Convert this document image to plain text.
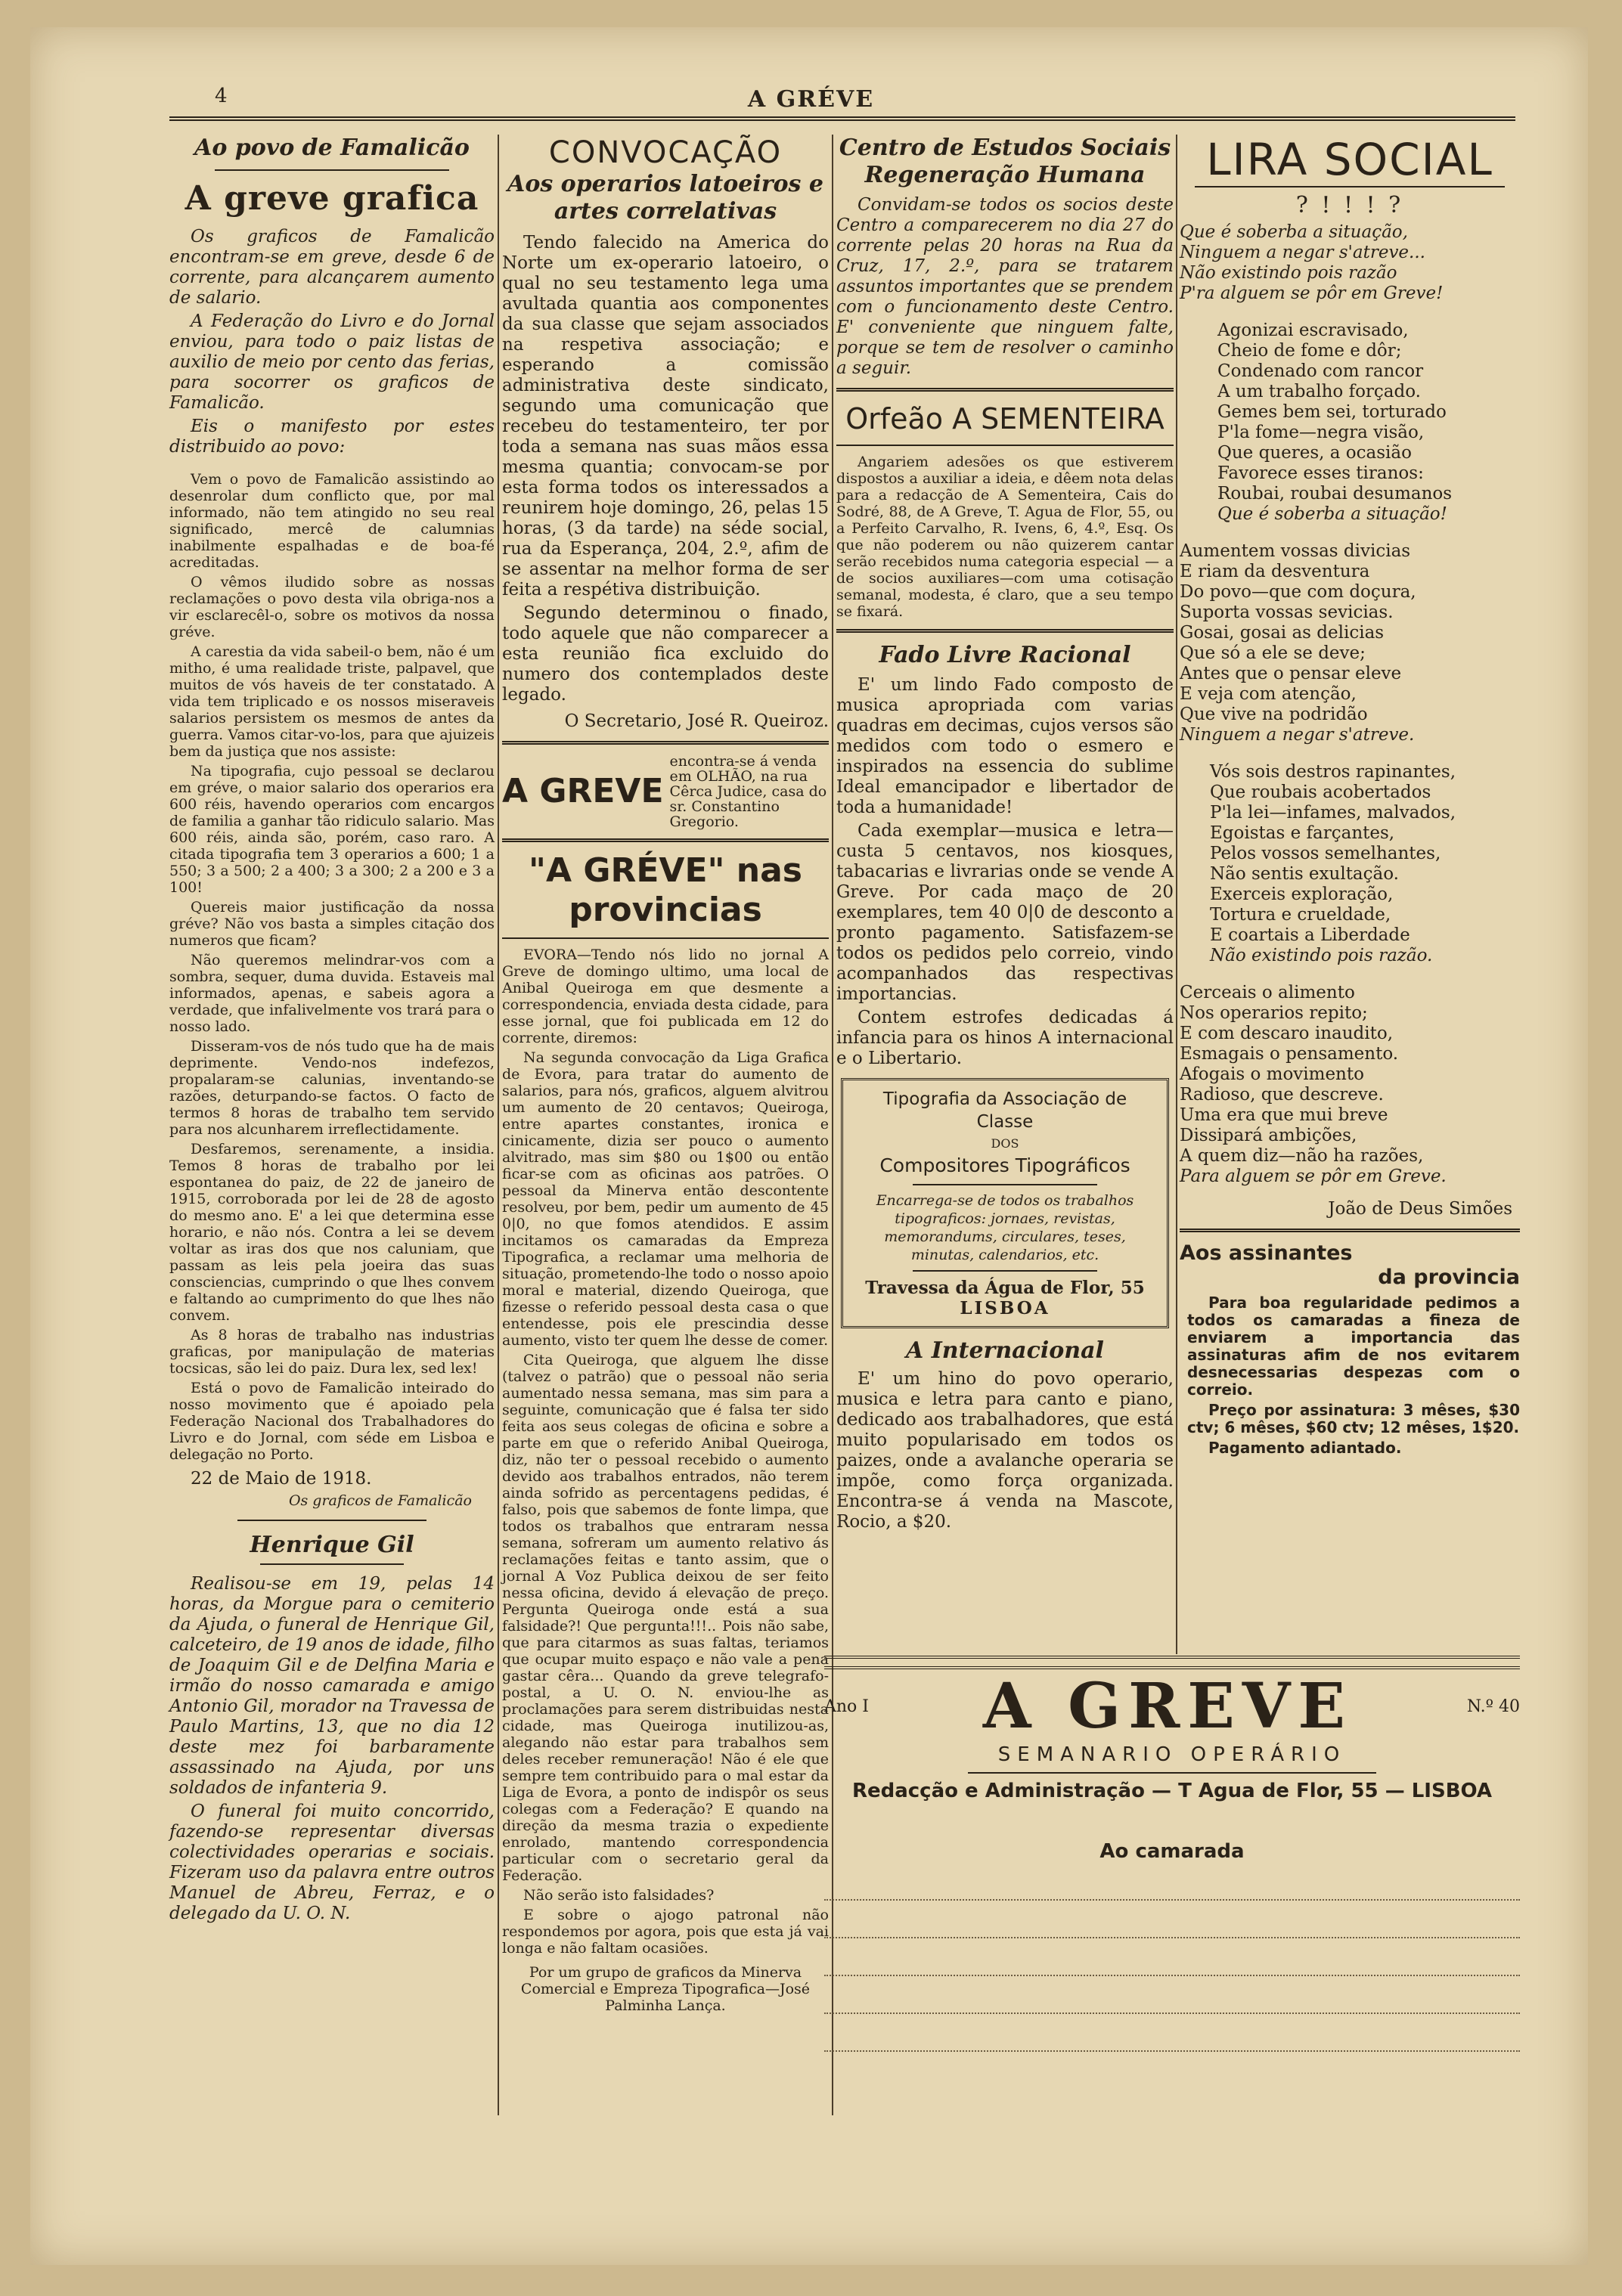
4	A GRÉVE
Ao povo de Famalicão
A greve grafica

Os graficos de Famalicão encontram-se em greve, desde 6 de corrente, para alcançarem aumento de salario.

A Federação do Livro e do Jornal enviou, para todo o paiz listas de auxilio de meio por cento das ferias, para socorrer os graficos de Famalicão.

Eis o manifesto por estes distribuido ao povo:

Vem o povo de Famalicão assistindo ao desenrolar dum conflicto que, por mal informado, não tem atingido no seu real significado, mercê de calumnias inabilmente espalhadas e de boa-fé acreditadas.

O vêmos iludido sobre as nossas reclamações o povo desta vila obriga-nos a vir esclarecêl-o, sobre os motivos da nossa gréve.

A carestia da vida sabeil-o bem, não é um mitho, é uma realidade triste, palpavel, que muitos de vós haveis de ter constatado. A vida tem triplicado e os nossos miseraveis salarios persistem os mesmos de antes da guerra. Vamos citar-vo-los, para que ajuizeis bem da justiça que nos assiste:

Na tipografia, cujo pessoal se declarou em gréve, o maior salario dos operarios era 600 réis, havendo operarios com encargos de familia a ganhar tão ridiculo salario. Mas 600 réis, ainda são, porém, caso raro. A citada tipografia tem 3 operarios a 600; 1 a 550; 3 a 500; 2 a 400; 3 a 300; 2 a 200 e 3 a 100!

Quereis maior justificação da nossa gréve? Não vos basta a simples citação dos numeros que ficam?

Não queremos melindrar-vos com a sombra, sequer, duma duvida. Estaveis mal informados, apenas, e sabeis agora a verdade, que infalivelmente vos trará para o nosso lado.

Disseram-vos de nós tudo que ha de mais deprimente. Vendo-nos indefezos, propalaram-se calunias, inventando-se razões, deturpando-se factos. O facto de termos 8 horas de trabalho tem servido para nos alcunharem irreflectidamente.

Desfaremos, serenamente, a insidia. Temos 8 horas de trabalho por lei espontanea do paiz, de 22 de janeiro de 1915, corroborada por lei de 28 de agosto do mesmo ano. E' a lei que determina esse horario, e não nós. Contra a lei se devem voltar as iras dos que nos caluniam, que passam as leis pela joeira das suas consciencias, cumprindo o que lhes convem e faltando ao cumprimento do que lhes não convem.

As 8 horas de trabalho nas industrias graficas, por manipulação de materias tocsicas, são lei do paiz. Dura lex, sed lex!

Está o povo de Famalicão inteirado do nosso movimento que é apoiado pela Federação Nacional dos Trabalhadores do Livro e do Jornal, com séde em Lisboa e delegação no Porto.

22 de Maio de 1918.

Os graficos de Famalicão
Henrique Gil

Realisou-se em 19, pelas 14 horas, da Morgue para o cemiterio da Ajuda, o funeral de Henrique Gil, calceteiro, de 19 anos de idade, filho de Joaquim Gil e de Delfina Maria e irmão do nosso camarada e amigo Antonio Gil, morador na Travessa de Paulo Martins, 13, que no dia 12 deste mez foi barbaramente assassinado na Ajuda, por uns soldados de infanteria 9.

O funeral foi muito concorrido, fazendo-se representar diversas colectividades operarias e sociais. Fizeram uso da palavra entre outros Manuel de Abreu, Ferraz, e o delegado da U. O. N.

CONVOCAÇÃO
Aos operarios latoeiros e artes correlativas

Tendo falecido na America do Norte um ex-operario latoeiro, o qual no seu testamento lega uma avultada quantia aos componentes da sua classe que sejam associados na respetiva associação; e esperando a comissão administrativa deste sindicato, segundo uma comunicação que recebeu do testamenteiro, ter por toda a semana nas suas mãos essa mesma quantia; convocam-se por esta forma todos os interessados a reunirem hoje domingo, 26, pelas 15 horas, (3 da tarde) na séde social, rua da Esperança, 204, 2.º, afim de se assentar na melhor forma de ser feita a respétiva distribuição.

Segundo determinou o finado, todo aquele que não comparecer a esta reunião fica excluido do numero dos contemplados deste legado.

O Secretario, José R. Queiroz.
A GREVE
encontra-se á venda em OLHÃO, na rua Cêrca Judice, casa do sr. Constantino Gregorio.
"A GRÉVE" nas provincias

EVORA—Tendo nós lido no jornal A Greve de domingo ultimo, uma local de Anibal Queiroga em que desmente a correspondencia, enviada desta cidade, para esse jornal, que foi publicada em 12 do corrente, diremos:

Na segunda convocação da Liga Grafica de Evora, para tratar do aumento de salarios, para nós, graficos, alguem alvitrou um aumento de 20 centavos; Queiroga, entre apartes constantes, ironica e cinicamente, dizia ser pouco o aumento alvitrado, mas sim $80 ou 1$00 ou então ficar-se com as oficinas aos patrões. O pessoal da Minerva então descontente resolveu, por bem, pedir um aumento de 45 0|0, no que fomos atendidos. E assim incitamos os camaradas da Empreza Tipografica, a reclamar uma melhoria de situação, prometendo-lhe todo o nosso apoio moral e material, dizendo Queiroga, que fizesse o referido pessoal desta casa o que entendesse, pois ele prescindia desse aumento, visto ter quem lhe desse de comer.

Cita Queiroga, que alguem lhe disse (talvez o patrão) que o pessoal não seria aumentado nessa semana, mas sim para a seguinte, comunicação que é falsa ter sido feita aos seus colegas de oficina e sobre a parte em que o referido Anibal Queiroga, diz, não ter o pessoal recebido o aumento devido aos trabalhos entrados, não terem ainda sofrido as percentagens pedidas, é falso, pois que sabemos de fonte limpa, que todos os trabalhos que entraram nessa semana, sofreram um aumento relativo ás reclamações feitas e tanto assim, que o jornal A Voz Publica deixou de ser feito nessa oficina, devido á elevação de preço. Pergunta Queiroga onde está a sua falsidade?! Que pergunta!!!.. Pois não sabe, que para citarmos as suas faltas, teriamos que ocupar muito espaço e não vale a pena gastar cêra... Quando da greve telegrafo-postal, a U. O. N. enviou-lhe as proclamações para serem distribuidas nesta cidade, mas Queiroga inutilizou-as, alegando não estar para trabalhos sem deles receber remuneração! Não é ele que sempre tem contribuido para o mal estar da Liga de Evora, a ponto de indispôr os seus colegas com a Federação? E quando na direção da mesma trazia o expediente enrolado, mantendo correspondencia particular com o secretario geral da Federação.

Não serão isto falsidades?

E sobre o ajogo patronal não respondemos por agora, pois que esta já vai longa e não faltam ocasiões.

Por um grupo de graficos da Minerva Comercial e Empreza Tipografica—José Palminha Lança.

Centro de Estudos Sociais
Regeneração Humana

Convidam-se todos os socios deste Centro a comparecerem no dia 27 do corrente pelas 20 horas na Rua da Cruz, 17, 2.º, para se tratarem assuntos importantes que se prendem com o funcionamento deste Centro. E' conveniente que ninguem falte, porque se tem de resolver o caminho a seguir.

Orfeão A SEMENTEIRA

Angariem adesões os que estiverem dispostos a auxiliar a ideia, e dêem nota delas para a redacção de A Sementeira, Cais do Sodré, 88, de A Greve, T. Agua de Flor, 55, ou a Perfeito Carvalho, R. Ivens, 6, 4.º, Esq. Os que não poderem ou não quizerem cantar serão recebidos numa categoria especial — a de socios auxiliares—com uma cotisação semanal, modesta, é claro, que a seu tempo se fixará.

Fado Livre Racional

E' um lindo Fado composto de musica apropriada com varias quadras em decimas, cujos versos são medidos com todo o esmero e inspirados na essencia do sublime Ideal emancipador e libertador de toda a humanidade!

Cada exemplar—musica e letra—custa 5 centavos, nos kiosques, tabacarias e livrarias onde se vende A Greve. Por cada maço de 20 exemplares, tem 40 0|0 de desconto a pronto pagamento. Satisfazem-se todos os pedidos pelo correio, vindo acompanhados das respectivas importancias.

Contem estrofes dedicadas á infancia para os hinos A internacional e o Libertario.

Tipografia da Associação de Classe
DOS
Compositores Tipográficos
Encarrega-se de todos os trabalhos tipograficos: jornaes, revistas, memorandums, circulares, teses, minutas, calendarios, etc.
Travessa da Água de Flor, 55
LISBOA
A Internacional

E' um hino do povo operario, musica e letra para canto e piano, dedicado aos trabalhadores, que está muito popularisado em todos os paizes, onde a avalanche operaria se impõe, como força organizada. Encontra-se á venda na Mascote, Rocio, a $20.

LIRA SOCIAL
? ! ! ! ?

Que é soberba a situação,

Ninguem a negar s'atreve...

Não existindo pois razão

P'ra alguem se pôr em Greve!

Agonizai escravisado,

Cheio de fome e dôr;

Condenado com rancor

A um trabalho forçado.

Gemes bem sei, torturado

P'la fome—negra visão,

Que queres, a ocasião

Favorece esses tiranos:

Roubai, roubai desumanos

Que é soberba a situação!

Aumentem vossas divicias

E riam da desventura

Do povo—que com doçura,

Suporta vossas sevicias.

Gosai, gosai as delicias

Que só a ele se deve;

Antes que o pensar eleve

E veja com atenção,

Que vive na podridão

Ninguem a negar s'atreve.

Vós sois destros rapinantes,

Que roubais acobertados

P'la lei—infames, malvados,

Egoistas e farçantes,

Pelos vossos semelhantes,

Não sentis exultação.

Exerceis exploração,

Tortura e crueldade,

E coartais a Liberdade

Não existindo pois razão.

Cerceais o alimento

Nos operarios repito;

E com descaro inaudito,

Esmagais o pensamento.

Afogais o movimento

Radioso, que descreve.

Uma era que mui breve

Dissipará ambições,

A quem diz—não ha razões,

Para alguem se pôr em Greve.

João de Deus Simões
Aos assinantes
da provincia

Para boa regularidade pedimos a todos os camaradas a fineza de enviarem a importancia das assinaturas afim de nos evitarem desnecessarias despezas com o correio.

Preço por assinatura: 3 mêses, $30 ctv; 6 mêses, $60 ctv; 12 mêses, 1$20.

Pagamento adiantado.

Ano I A GREVE	N.º 40
SEMANARIO OPERÁRIO
Redacção e Administração — T Agua de Flor, 55 — LISBOA
Ao camarada
